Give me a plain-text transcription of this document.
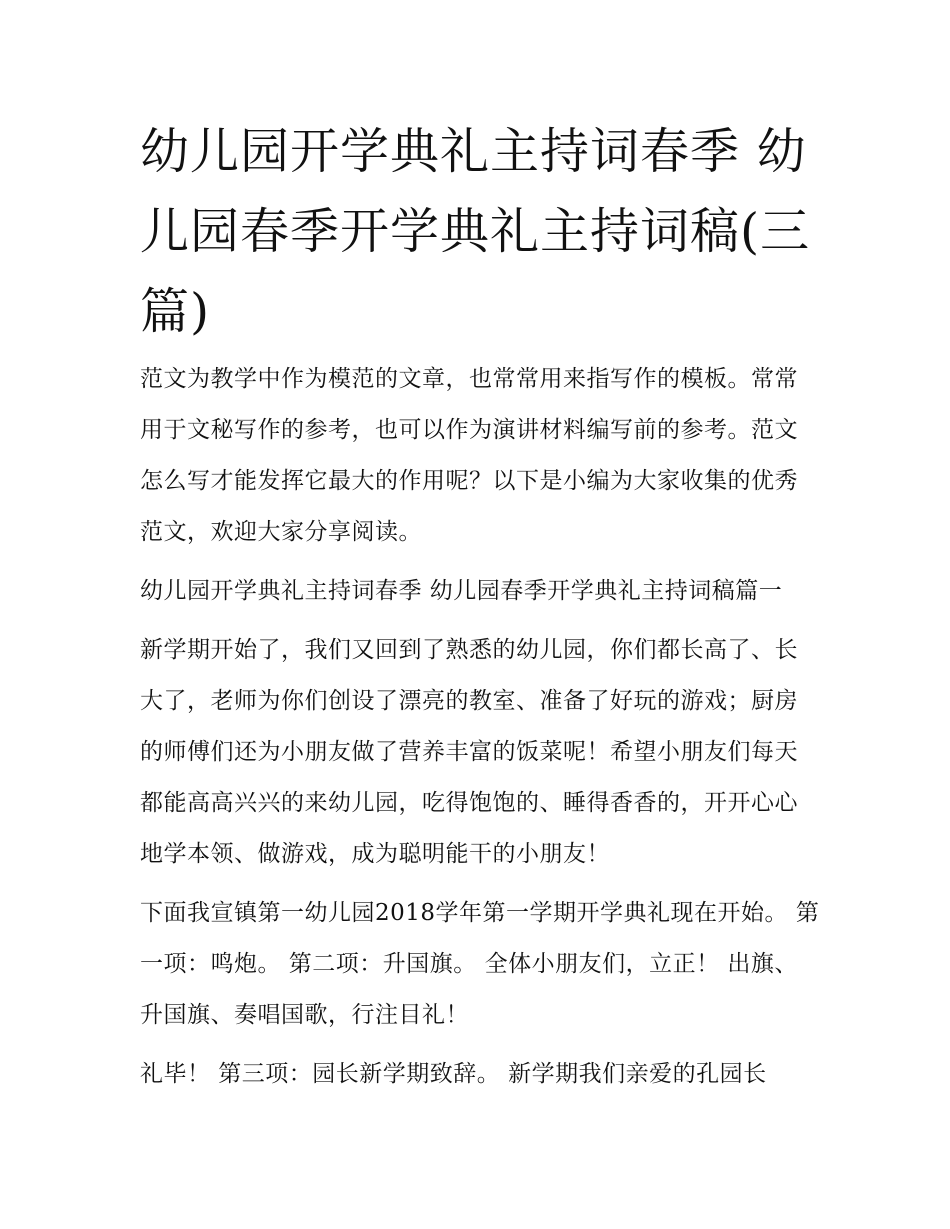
幼儿园开学典礼主持词春季 幼儿园春季开学典礼主持词稿(三篇)

范文为教学中作为模范的文章，也常常用来指写作的模板。常常用于文秘写作的参考，也可以作为演讲材料编写前的参考。范文怎么写才能发挥它最大的作用呢？以下是小编为大家收集的优秀范文，欢迎大家分享阅读。

幼儿园开学典礼主持词春季 幼儿园春季开学典礼主持词稿篇一

新学期开始了，我们又回到了熟悉的幼儿园，你们都长高了、长大了，老师为你们创设了漂亮的教室、准备了好玩的游戏；厨房的师傅们还为小朋友做了营养丰富的饭菜呢！希望小朋友们每天都能高高兴兴的来幼儿园，吃得饱饱的、睡得香香的，开开心心地学本领、做游戏，成为聪明能干的小朋友！

下面我宣镇第一幼儿园2018学年第一学期开学典礼现在开始。 第一项：鸣炮。 第二项：升国旗。 全体小朋友们，立正！ 出旗、升国旗、奏唱国歌，行注目礼！

礼毕！ 第三项：园长新学期致辞。 新学期我们亲爱的孔园长
